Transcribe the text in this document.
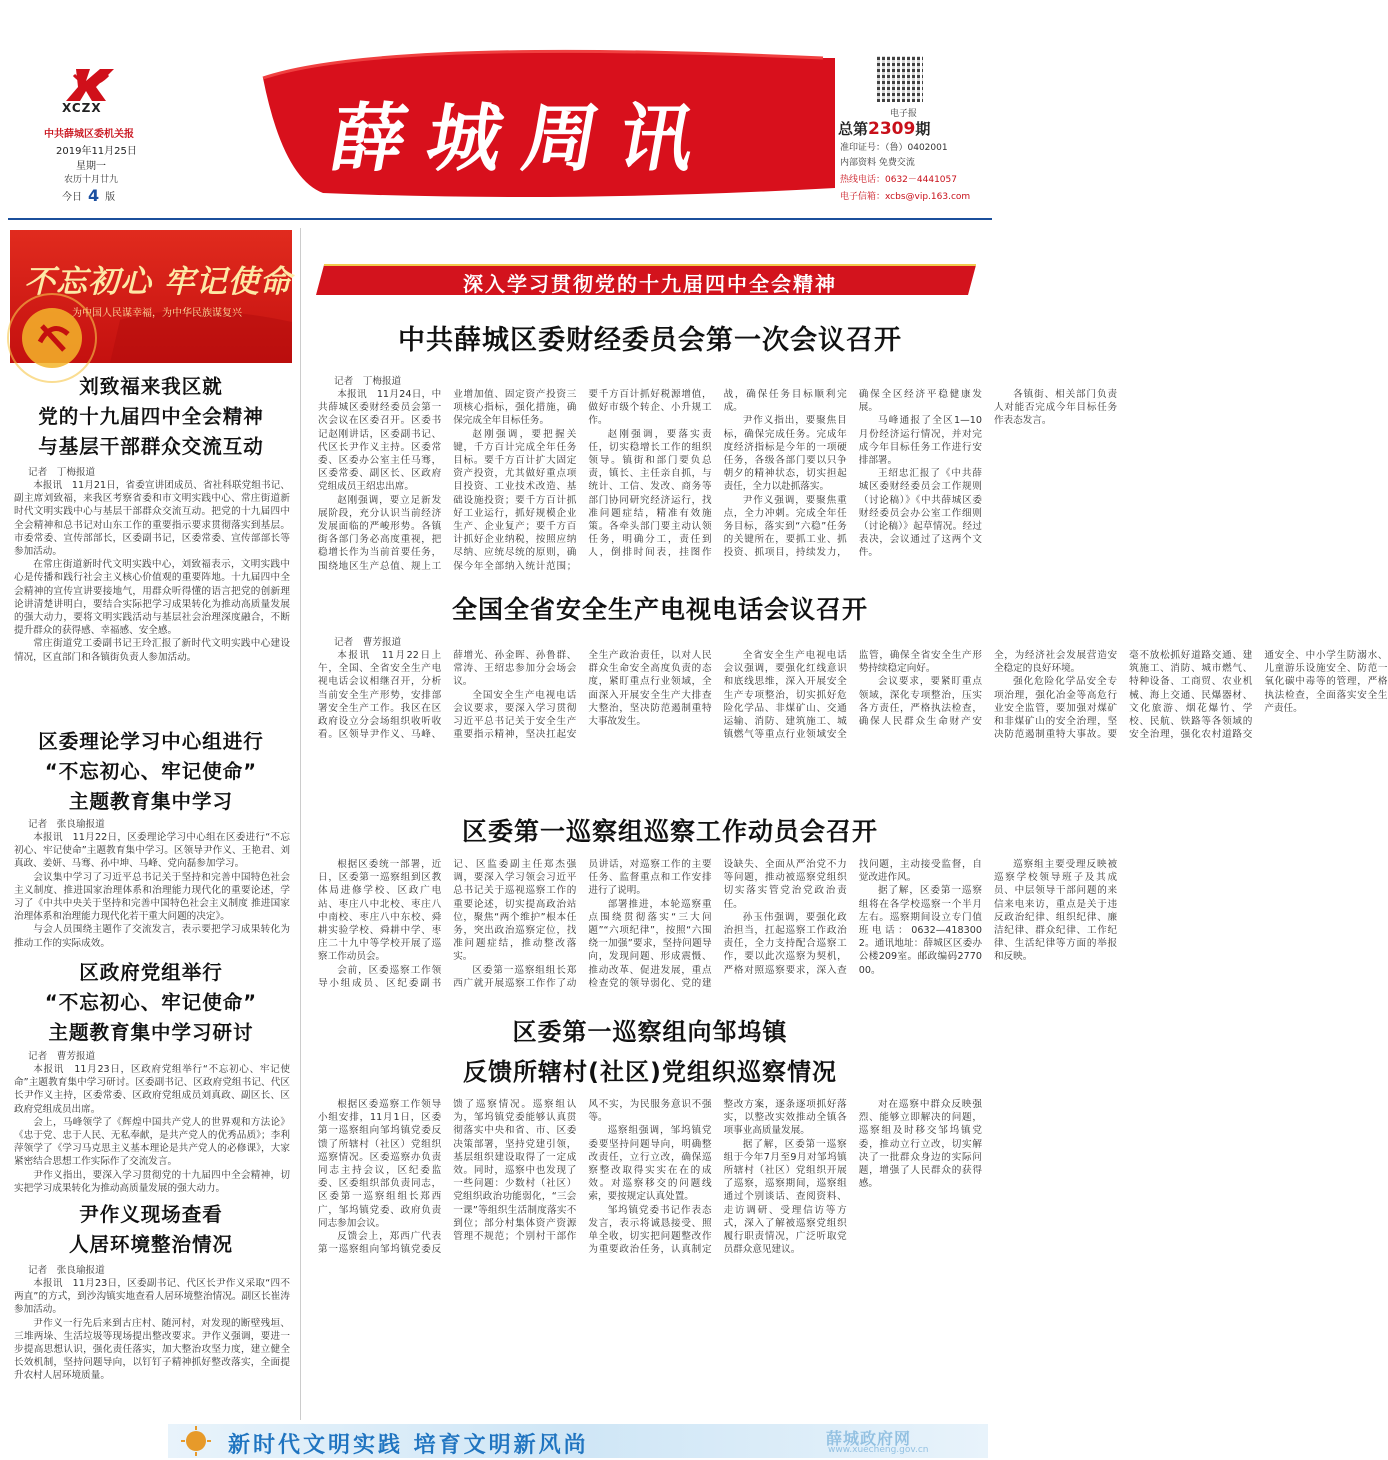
XCZX
中共薛城区委机关报
2019年11月25日
星期一
农历十月廿九
今日 4 版
薛城周讯	电子报
总第2309期
准印证号：（鲁）0402001
内部资料 免费交流
热线电话：0632－4441057
电子信箱：xcbs@vip.163.com
不忘初心 牢记使命
为中国人民谋幸福，为中华民族谋复兴
刘致福来我区就
党的十九届四中全会精神
与基层干部群众交流互动
记者　丁梅报道

本报讯　11月21日，省委宣讲团成员、省社科联党组书记、副主席刘致福，来我区考察省委和市文明实践中心、常庄街道新时代文明实践中心与基层干部群众交流互动。把党的十九届四中全会精神和总书记对山东工作的重要指示要求贯彻落实到基层。市委常委、宣传部部长，区委副书记，区委常委、宣传部部长等参加活动。

在常庄街道新时代文明实践中心，刘致福表示，文明实践中心是传播和践行社会主义核心价值观的重要阵地。十九届四中全会精神的宣传宣讲要接地气，用群众听得懂的语言把党的创新理论讲清楚讲明白，要结合实际把学习成果转化为推动高质量发展的强大动力，要将文明实践活动与基层社会治理深度融合，不断提升群众的获得感、幸福感、安全感。

常庄街道党工委副书记王玲汇报了新时代文明实践中心建设情况，区直部门和各镇街负责人参加活动。

区委理论学习中心组进行
“不忘初心、牢记使命”
主题教育集中学习
记者　张良瑜报道

本报讯　11月22日，区委理论学习中心组在区委进行“不忘初心、牢记使命”主题教育集中学习。区领导尹作义、王艳君、刘真政、姜妍、马骞、孙中坤、马峰、党向磊参加学习。

会议集中学习了习近平总书记关于坚持和完善中国特色社会主义制度、推进国家治理体系和治理能力现代化的重要论述，学习了《中共中央关于坚持和完善中国特色社会主义制度 推进国家治理体系和治理能力现代化若干重大问题的决定》。

与会人员围绕主题作了交流发言，表示要把学习成果转化为推动工作的实际成效。

区政府党组举行
“不忘初心、牢记使命”
主题教育集中学习研讨
记者　曹芳报道

本报讯　11月23日，区政府党组举行“不忘初心、牢记使命”主题教育集中学习研讨。区委副书记、区政府党组书记、代区长尹作义主持，区委常委、区政府党组成员刘真政、副区长、区政府党组成员出席。

会上，马峰领学了《辉煌中国共产党人的世界观和方法论》《忠于党、忠于人民、无私奉献，是共产党人的优秀品质》；李利萍领学了《学习马克思主义基本理论是共产党人的必修课》，大家紧密结合思想工作实际作了交流发言。

尹作义指出，要深入学习贯彻党的十九届四中全会精神，切实把学习成果转化为推动高质量发展的强大动力。

尹作义现场查看
人居环境整治情况
记者　张良瑜报道

本报讯　11月23日，区委副书记、代区长尹作义采取“四不两直”的方式，到沙沟镇实地查看人居环境整治情况。副区长崔涛参加活动。

尹作义一行先后来到古庄村、随河村，对发现的断壁残垣、三堆两垛、生活垃圾等现场提出整改要求。尹作义强调，要进一步提高思想认识，强化责任落实，加大整治攻坚力度，建立健全长效机制，坚持问题导向，以钉钉子精神抓好整改落实，全面提升农村人居环境质量。

深入学习贯彻党的十九届四中全会精神
中共薛城区委财经委员会第一次会议召开
记者　丁梅报道

本报讯　11月24日，中共薛城区委财经委员会第一次会议在区委召开。区委书记赵刚讲话，区委副书记、代区长尹作义主持。区委常委、区委办公室主任马骞，区委常委、副区长、区政府党组成员王绍忠出席。

赵刚强调，要立足新发展阶段，充分认识当前经济发展面临的严峻形势。各镇街各部门务必高度重视，把稳增长作为当前首要任务，围绕地区生产总值、规上工业增加值、固定资产投资三项核心指标，强化措施，确保完成全年目标任务。

赵刚强调，要把握关键，千方百计完成全年任务目标。要千方百计扩大固定资产投资，尤其做好重点项目投资、工业技术改造、基础设施投资；要千方百计抓好工业运行，抓好规模企业生产、企业复产；要千方百计抓好企业纳税，按照应纳尽纳、应统尽统的原则，确保今年全部纳入统计范围；要千方百计抓好税源增值，做好市级个转企、小升规工作。

赵刚强调，要落实责任，切实稳增长工作的组织领导。镇街和部门要负总责，镇长、主任亲自抓，与统计、工信、发改、商务等部门协同研究经济运行，找准问题症结，精准有效施策。各牵头部门要主动认领任务，明确分工，责任到人，倒排时间表，挂图作战，确保任务目标顺利完成。

尹作义指出，要聚焦目标，确保完成任务。完成年度经济指标是今年的一项硬任务，各级各部门要以只争朝夕的精神状态，切实担起责任，全力以赴抓落实。

尹作义强调，要聚焦重点，全力冲刺。完成全年任务目标，落实到“六稳”任务的关键所在，要抓工业、抓投资、抓项目，持续发力，确保全区经济平稳健康发展。

马峰通报了全区1—10月份经济运行情况，并对完成今年目标任务工作进行安排部署。

王绍忠汇报了《中共薛城区委财经委员会工作规则（讨论稿）》《中共薛城区委财经委员会办公室工作细则（讨论稿）》起草情况。经过表决，会议通过了这两个文件。

各镇街、相关部门负责人对能否完成今年目标任务作表态发言。

全国全省安全生产电视电话会议召开
记者　曹芳报道

本报讯　11月22日上午，全国、全省安全生产电视电话会议相继召开，分析当前安全生产形势，安排部署安全生产工作。我区在区政府设立分会场组织收听收看。区领导尹作义、马峰、薛增光、孙金晖、孙鲁群、常涛、王绍忠参加分会场会议。

全国安全生产电视电话会议要求，要深入学习贯彻习近平总书记关于安全生产重要指示精神，坚决扛起安全生产政治责任，以对人民群众生命安全高度负责的态度，紧盯重点行业领域，全面深入开展安全生产大排查大整治，坚决防范遏制重特大事故发生。

全省安全生产电视电话会议强调，要强化红线意识和底线思维，深入开展安全生产专项整治，切实抓好危险化学品、非煤矿山、交通运输、消防、建筑施工、城镇燃气等重点行业领域安全监管，确保全省安全生产形势持续稳定向好。

会议要求，要紧盯重点领域，深化专项整治，压实各方责任，严格执法检查，确保人民群众生命财产安全，为经济社会发展营造安全稳定的良好环境。

强化危险化学品安全专项治理，强化冶金等高危行业安全监管，要加强对煤矿和非煤矿山的安全治理，坚决防范遏制重特大事故。要毫不放松抓好道路交通、建筑施工、消防、城市燃气、特种设备、工商贸、农业机械、海上交通、民爆器材、文化旅游、烟花爆竹、学校、民航、铁路等各领域的安全治理，强化农村道路交通安全、中小学生防溺水、儿童游乐设施安全、防范一氧化碳中毒等的管理，严格执法检查，全面落实安全生产责任。

区委第一巡察组巡察工作动员会召开

根据区委统一部署，近日，区委第一巡察组到区教体局进修学校、区政广电站、枣庄八中北校、枣庄八中南校、枣庄八中东校、舜耕实验学校、舜耕中学、枣庄二十九中等学校开展了巡察工作动员会。

会前，区委巡察工作领导小组成员、区纪委副书记、区监委副主任郑杰强调，要深入学习领会习近平总书记关于巡视巡察工作的重要论述，切实提高政治站位，聚焦“两个维护”根本任务，突出政治巡察定位，找准问题症结，推动整改落实。

区委第一巡察组组长郑西广就开展巡察工作作了动员讲话，对巡察工作的主要任务、监督重点和工作安排进行了说明。

部署推进，本轮巡察重点围绕贯彻落实“三大问题”“六项纪律”，按照“六围绕一加强”要求，坚持问题导向，发现问题、形成震慑、推动改革、促进发展，重点检查党的领导弱化、党的建设缺失、全面从严治党不力等问题，推动被巡察党组织切实落实管党治党政治责任。

孙玉伟强调，要强化政治担当，扛起巡察工作政治责任，全力支持配合巡察工作，要以此次巡察为契机，严格对照巡察要求，深入查找问题，主动接受监督，自觉改进作风。

据了解，区委第一巡察组将在各学校巡察一个半月左右。巡察期间设立专门值班电话：0632—4183002。通讯地址：薛城区区委办公楼209室。邮政编码277000。

巡察组主要受理反映被巡察学校领导班子及其成员、中层领导干部问题的来信来电来访，重点是关于违反政治纪律、组织纪律、廉洁纪律、群众纪律、工作纪律、生活纪律等方面的举报和反映。

区委第一巡察组向邹坞镇
反馈所辖村(社区)党组织巡察情况

根据区委巡察工作领导小组安排，11月1日，区委第一巡察组向邹坞镇党委反馈了所辖村（社区）党组织巡察情况。区委巡察办负责同志主持会议，区纪委监委、区委组织部负责同志，区委第一巡察组组长郑西广，邹坞镇党委、政府负责同志参加会议。

反馈会上，郑西广代表第一巡察组向邹坞镇党委反馈了巡察情况。巡察组认为，邹坞镇党委能够认真贯彻落实中央和省、市、区委决策部署，坚持党建引领，基层组织建设取得了一定成效。同时，巡察中也发现了一些问题：少数村（社区）党组织政治功能弱化，“三会一课”等组织生活制度落实不到位；部分村集体资产资源管理不规范；个别村干部作风不实，为民服务意识不强等。

巡察组强调，邹坞镇党委要坚持问题导向，明确整改责任，立行立改，确保巡察整改取得实实在在的成效。对巡察移交的问题线索，要按规定认真处置。

邹坞镇党委书记作表态发言，表示将诚恳接受、照单全收，切实把问题整改作为重要政治任务，认真制定整改方案，逐条逐项抓好落实，以整改实效推动全镇各项事业高质量发展。

据了解，区委第一巡察组于今年7月至9月对邹坞镇所辖村（社区）党组织开展了巡察，巡察期间，巡察组通过个别谈话、查阅资料、走访调研、受理信访等方式，深入了解被巡察党组织履行职责情况，广泛听取党员群众意见建议。

对在巡察中群众反映强烈、能够立即解决的问题，巡察组及时移交邹坞镇党委，推动立行立改，切实解决了一批群众身边的实际问题，增强了人民群众的获得感。

新时代文明实践 培育文明新风尚	薛城政府网
www.xuecheng.gov.cn
